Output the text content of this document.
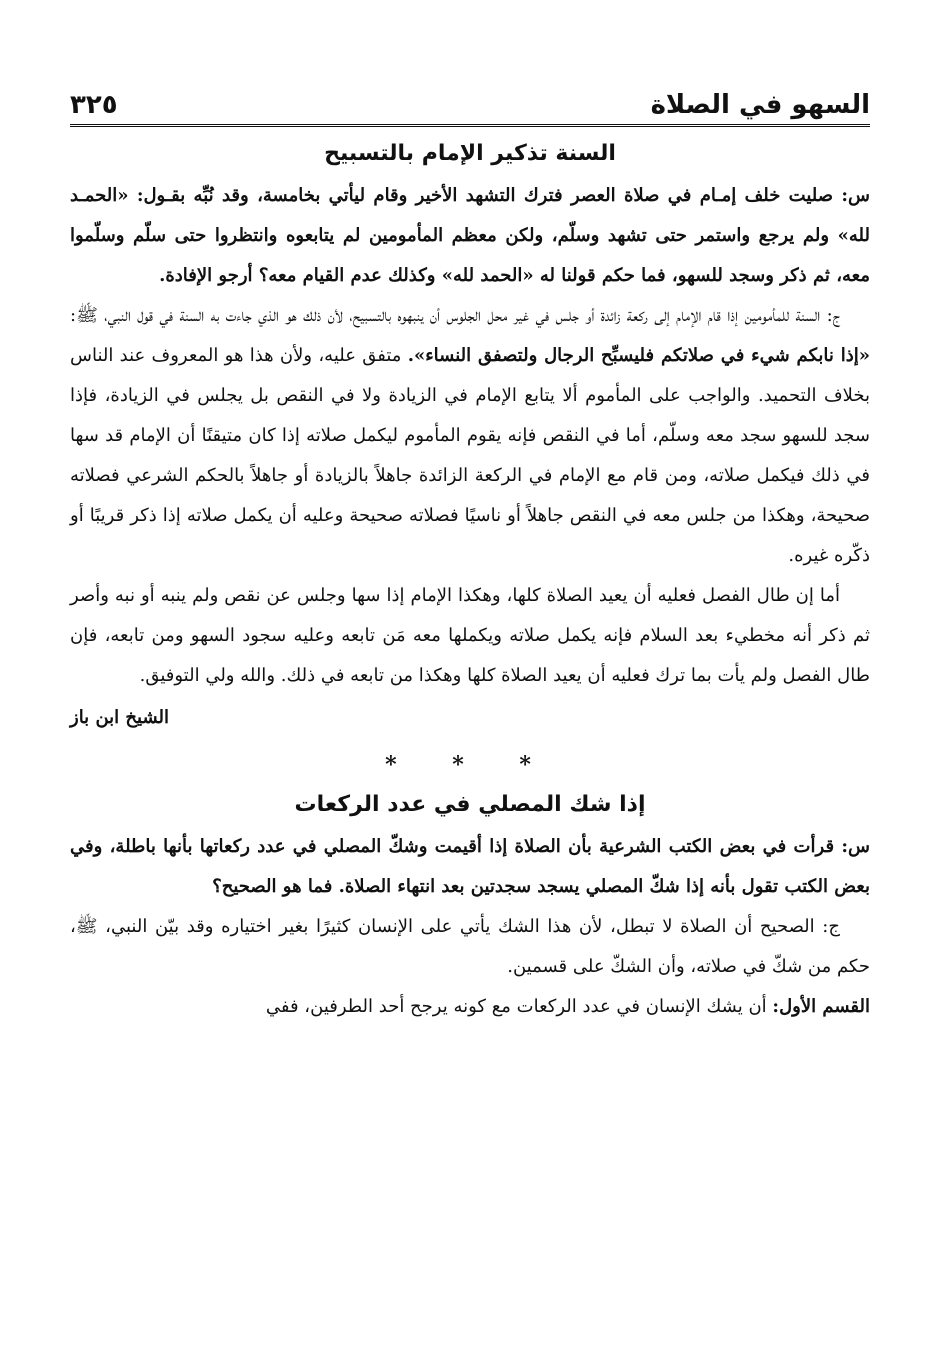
السهو في الصلاة
٣٢٥
السنة تذكير الإمام بالتسبيح

س: صليت خلف إمـام في صلاة العصر فترك التشهد الأخير وقام ليأتي بخامسة، وقد نُبِّه بقـول: «الحمـد لله» ولم يرجع واستمر حتى تشهد وسلّم، ولكن معظم المأمومين لم يتابعوه وانتظروا حتى سلّم وسلّموا معه، ثم ذكر وسجد للسهو، فما حكم قولنا له «الحمد لله» وكذلك عدم القيام معه؟ أرجو الإفادة.

ج: السنة للمأمومين إذا قام الإمام إلى ركعة زائدة أو جلس في غير محل الجلوس أن ينبهوه بالتسبيح، لأن ذلك هو الذي جاءت به السنة في قول النبي، ﷺ: «إذا نابكم شيء في صلاتكم فليسبِّح الرجال ولتصفق النساء». متفق عليه، ولأن هذا هو المعروف عند الناس بخلاف التحميد. والواجب على المأموم ألا يتابع الإمام في الزيادة ولا في النقص بل يجلس في الزيادة، فإذا سجد للسهو سجد معه وسلّم، أما في النقص فإنه يقوم المأموم ليكمل صلاته إذا كان متيقنًا أن الإمام قد سها في ذلك فيكمل صلاته، ومن قام مع الإمام في الركعة الزائدة جاهلاً بالزيادة أو جاهلاً بالحكم الشرعي فصلاته صحيحة، وهكذا من جلس معه في النقص جاهلاً أو ناسيًا فصلاته صحيحة وعليه أن يكمل صلاته إذا ذكر قريبًا أو ذكّره غيره.

أما إن طال الفصل فعليه أن يعيد الصلاة كلها، وهكذا الإمام إذا سها وجلس عن نقص ولم ينبه أو نبه وأصر ثم ذكر أنه مخطيء بعد السلام فإنه يكمل صلاته ويكملها معه مَن تابعه وعليه سجود السهو ومن تابعه، فإن طال الفصل ولم يأت بما ترك فعليه أن يعيد الصلاة كلها وهكذا من تابعه في ذلك. والله ولي التوفيق.

الشيخ ابن باز
* * *
إذا شك المصلي في عدد الركعات

س: قرأت في بعض الكتب الشرعية بأن الصلاة إذا أقيمت وشكّ المصلي في عدد ركعاتها بأنها باطلة، وفي بعض الكتب تقول بأنه إذا شكّ المصلي يسجد سجدتين بعد انتهاء الصلاة. فما هو الصحيح؟

ج: الصحيح أن الصلاة لا تبطل، لأن هذا الشك يأتي على الإنسان كثيرًا بغير اختياره وقد بيّن النبي، ﷺ، حكم من شكّ في صلاته، وأن الشكّ على قسمين.

القسم الأول: أن يشك الإنسان في عدد الركعات مع كونه يرجح أحد الطرفين، ففي
